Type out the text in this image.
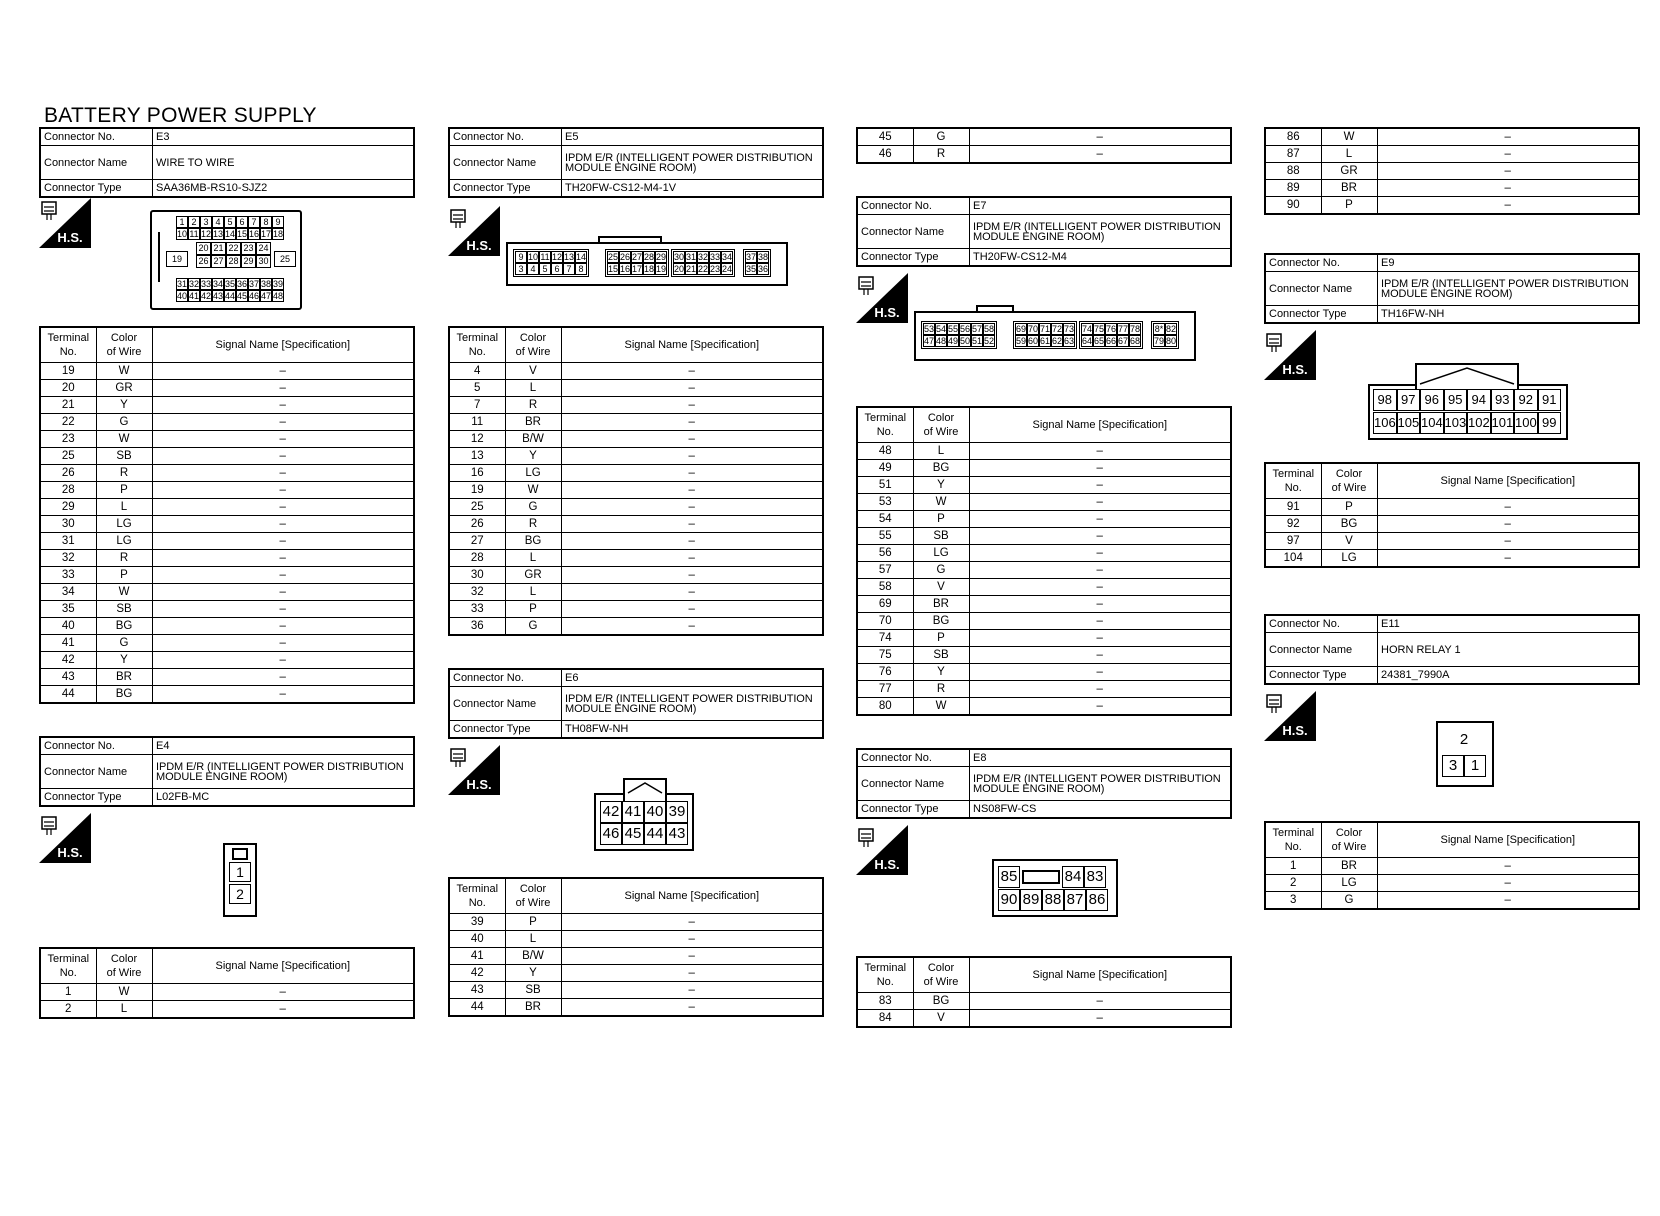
BATTERY POWER SUPPLY
Connector No.	E3
Connector Name	WIRE TO WIRE
Connector Type	SAA36MB-RS10-SJZ2
H.S.
1 2 3 4 5 6 7 8 9
10 11 12 13 14 15 16 17 18
19
20 21 22 23 24
26 27 28 29 30	25
31 32 33 34 35 36 37 38 39
40 41 42 43 44 45 46 47 48
Terminal
No.	Color
of Wire	Signal Name [Specification]
19	W	–
20	GR	–
21	Y	–
22	G	–
23	W	–
25	SB	–
26	R	–
28	P	–
29	L	–
30	LG	–
31	LG	–
32	R	–
33	P	–
34	W	–
35	SB	–
40	BG	–
41	G	–
42	Y	–
43	BR	–
44	BG	–
Connector No.	E4
Connector Name	IPDM E/R (INTELLIGENT POWER DISTRIBUTION MODULE ENGINE ROOM)
Connector Type	L02FB-MC
H.S.
1
2
Terminal
No.	Color
of Wire	Signal Name [Specification]
1	W	–
2	L	–
Connector No.	E5
Connector Name	IPDM E/R (INTELLIGENT POWER DISTRIBUTION MODULE ENGINE ROOM)
Connector Type	TH20FW-CS12-M4-1V
H.S.
9 10 11 12 13 14
3 4 5 6 7 8
25 26 27 28 29
15 16 17 18 19
30 31 32 33 34
20 21 22 23 24
37 38
35 36
Terminal
No.	Color
of Wire	Signal Name [Specification]
4	V	–
5	L	–
7	R	–
11	BR	–
12	B/W	–
13	Y	–
16	LG	–
19	W	–
25	G	–
26	R	–
27	BG	–
28	L	–
30	GR	–
32	L	–
33	P	–
36	G	–
Connector No.	E6
Connector Name	IPDM E/R (INTELLIGENT POWER DISTRIBUTION MODULE ENGINE ROOM)
Connector Type	TH08FW-NH
H.S.
42 41 40 39
46 45 44 43
Terminal
No.	Color
of Wire	Signal Name [Specification]
39	P	–
40	L	–
41	B/W	–
42	Y	–
43	SB	–
44	BR	–
45	G	–
46	R	–
Connector No.	E7
Connector Name	IPDM E/R (INTELLIGENT POWER DISTRIBUTION MODULE ENGINE ROOM)
Connector Type	TH20FW-CS12-M4
H.S.
53 54 55 56 57 58
47 48 49 50 51 52
69 70 71 72 73
59 60 61 62 63
74 75 76 77 78
64 65 66 67 68
8* 82
79 80
Terminal
No.	Color
of Wire	Signal Name [Specification]
48	L	–
49	BG	–
51	Y	–
53	W	–
54	P	–
55	SB	–
56	LG	–
57	G	–
58	V	–
69	BR	–
70	BG	–
74	P	–
75	SB	–
76	Y	–
77	R	–
80	W	–
Connector No.	E8
Connector Name	IPDM E/R (INTELLIGENT POWER DISTRIBUTION MODULE ENGINE ROOM)
Connector Type	NS08FW-CS
H.S.
85	84 83
90 89 88 87 86
Terminal
No.	Color
of Wire	Signal Name [Specification]
83	BG	–
84	V	–
86	W	–
87	L	–
88	GR	–
89	BR	–
90	P	–
Connector No.	E9
Connector Name	IPDM E/R (INTELLIGENT POWER DISTRIBUTION MODULE ENGINE ROOM)
Connector Type	TH16FW-NH
H.S.
98 97 96 95 94 93 92 91
106 105 104 103 102 101 100 99
Terminal
No.	Color
of Wire	Signal Name [Specification]
91	P	–
92	BG	–
97	V	–
104	LG	–
Connector No.	E11
Connector Name	HORN RELAY 1
Connector Type	24381_7990A
H.S.
2
3 1
Terminal
No.	Color
of Wire	Signal Name [Specification]
1	BR	–
2	LG	–
3	G	–
